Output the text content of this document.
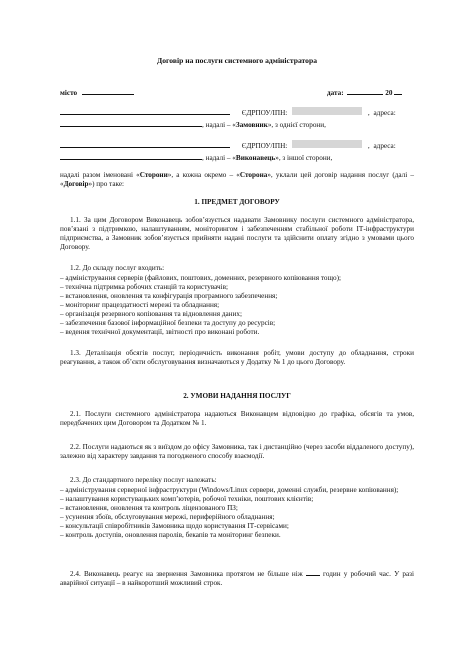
Договір на послуги системного адміністратора
місто	дата:	20
ЄДРПОУ/ІПН:	, адреса:
, надалі – «Замовник», з однієї сторони,
ЄДРПОУ/ІПН:	, адреса:
, надалі – «Виконавець», з іншої сторони,
надалі разом іменовані «Сторони», а кожна окремо – «Сторона», уклали цей договір надання послуг (далі – «Договір») про таке:
1. ПРЕДМЕТ ДОГОВОРУ
1.1. За цим Договором Виконавець зобов’язується надавати Замовнику послуги системного адміністратора, пов’язані з підтримкою, налаштуванням, моніторингом і забезпеченням стабільної роботи ІТ-інфраструктури підприємства, а Замовник зобов’язується прийняти надані послуги та здійснити оплату згідно з умовами цього Договору.
1.2. До складу послуг входить:

– адміністрування серверів (файлових, поштових, доменних, резервного копіювання тощо);

– технічна підтримка робочих станцій та користувачів;

– встановлення, оновлення та конфігурація програмного забезпечення;

– моніторинг працездатності мережі та обладнання;

– організація резервного копіювання та відновлення даних;

– забезпечення базової інформаційної безпеки та доступу до ресурсів;

– ведення технічної документації, звітності про виконані роботи.

1.3. Деталізація обсягів послуг, періодичність виконання робіт, умови доступу до обладнання, строки реагування, а також об’єкти обслуговування визначаються у Додатку № 1 до цього Договору.
2. УМОВИ НАДАННЯ ПОСЛУГ
2.1. Послуги системного адміністратора надаються Виконавцем відповідно до графіка, обсягів та умов, передбачених цим Договором та Додатком № 1.
2.2. Послуги надаються як з виїздом до офісу Замовника, так і дистанційно (через засоби віддаленого доступу), залежно від характеру завдання та погодженого способу взаємодії.
2.3. До стандартного переліку послуг належать:

– адміністрування серверної інфраструктури (Windows/Linux сервери, доменні служби, резервне копіювання);

– налаштування користувацьких комп’ютерів, робочої техніки, поштових клієнтів;

– встановлення, оновлення та контроль ліцензованого ПЗ;

– усунення збоїв, обслуговування мережі, периферійного обладнання;

– консультації співробітників Замовника щодо користування ІТ-сервісами;

– контроль доступів, оновлення паролів, бекапів та моніторинг безпеки.

2.4. Виконавець реагує на звернення Замовника протягом не більше ніж	годин у робочий час. У разі аварійної ситуації – в найкоротший можливий строк.
